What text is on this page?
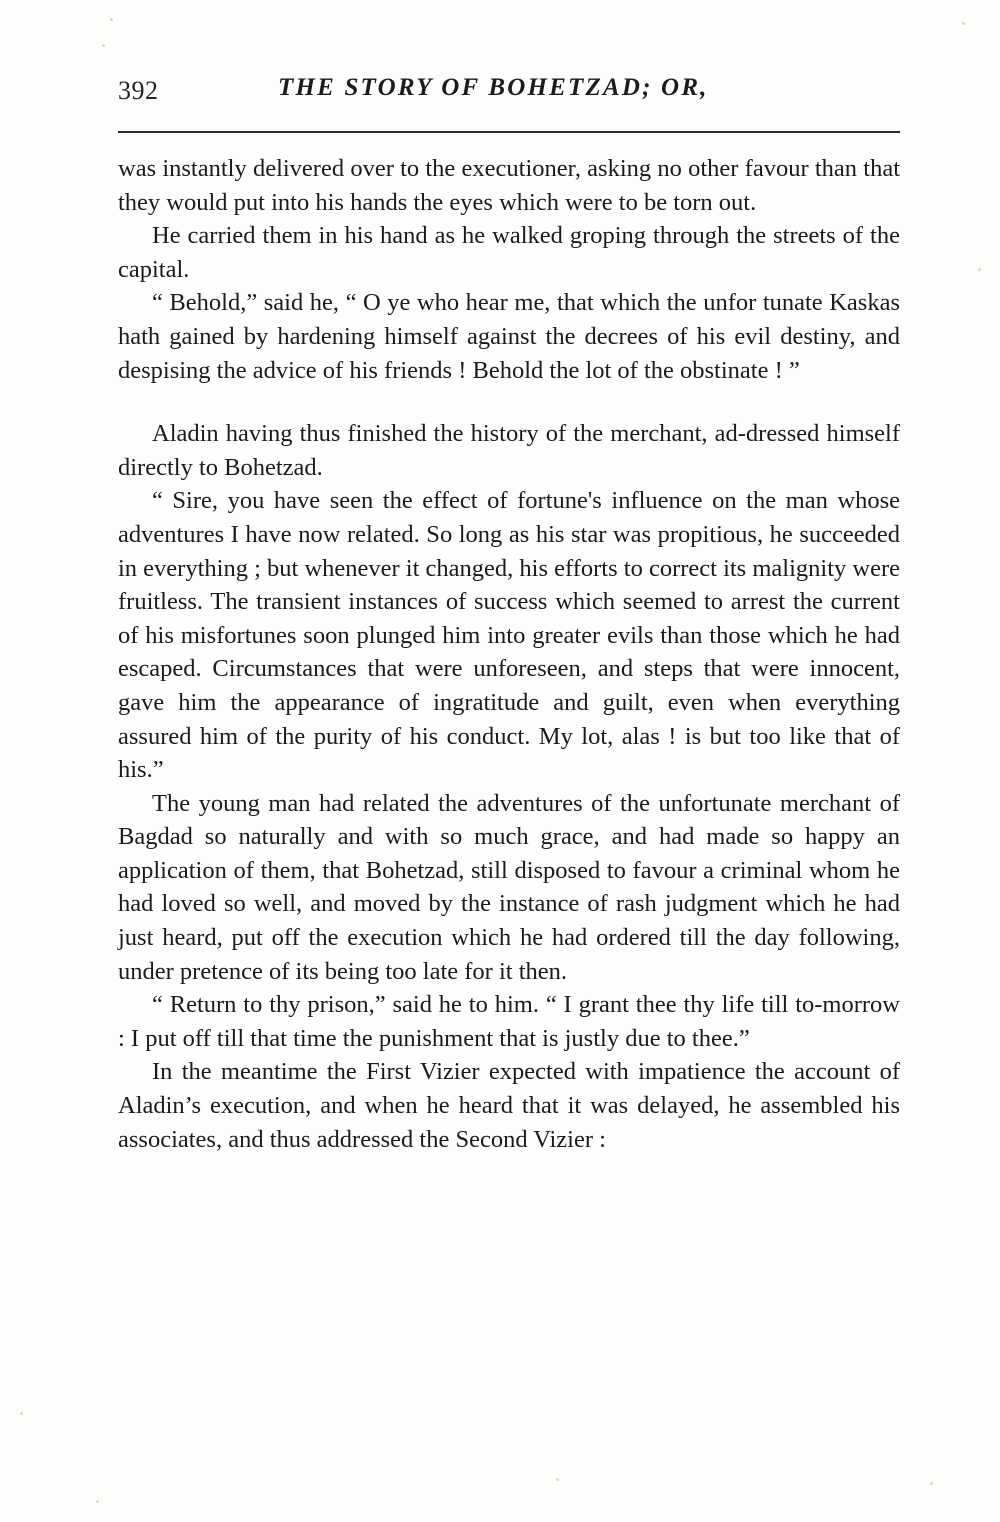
392	THE STORY OF BOHETZAD; OR,

was instantly delivered over to the executioner, asking no other favour than that they would put into his hands the eyes which were to be torn out.

He carried them in his hand as he walked groping through the streets of the capital.

“ Behold,” said he, “ O ye who hear me, that which the unfor tunate Kaskas hath gained by hardening himself against the decrees of his evil destiny, and despising the advice of his friends ! Behold the lot of the obstinate ! ”

Aladin having thus finished the history of the merchant, ad-dressed himself directly to Bohetzad.

“ Sire, you have seen the effect of fortune's influence on the man whose adventures I have now related. So long as his star was propitious, he succeeded in everything ; but whenever it changed, his efforts to correct its malignity were fruitless. The transient instances of success which seemed to arrest the current of his misfortunes soon plunged him into greater evils than those which he had escaped. Circumstances that were unforeseen, and steps that were innocent, gave him the appearance of ingratitude and guilt, even when everything assured him of the purity of his conduct. My lot, alas ! is but too like that of his.”

The young man had related the adventures of the unfortunate merchant of Bagdad so naturally and with so much grace, and had made so happy an application of them, that Bohetzad, still disposed to favour a criminal whom he had loved so well, and moved by the instance of rash judgment which he had just heard, put off the execution which he had ordered till the day following, under pretence of its being too late for it then.

“ Return to thy prison,” said he to him. “ I grant thee thy life till to-morrow : I put off till that time the punishment that is justly due to thee.”

In the meantime the First Vizier expected with impatience the account of Aladin’s execution, and when he heard that it was delayed, he assembled his associates, and thus addressed the Second Vizier :
